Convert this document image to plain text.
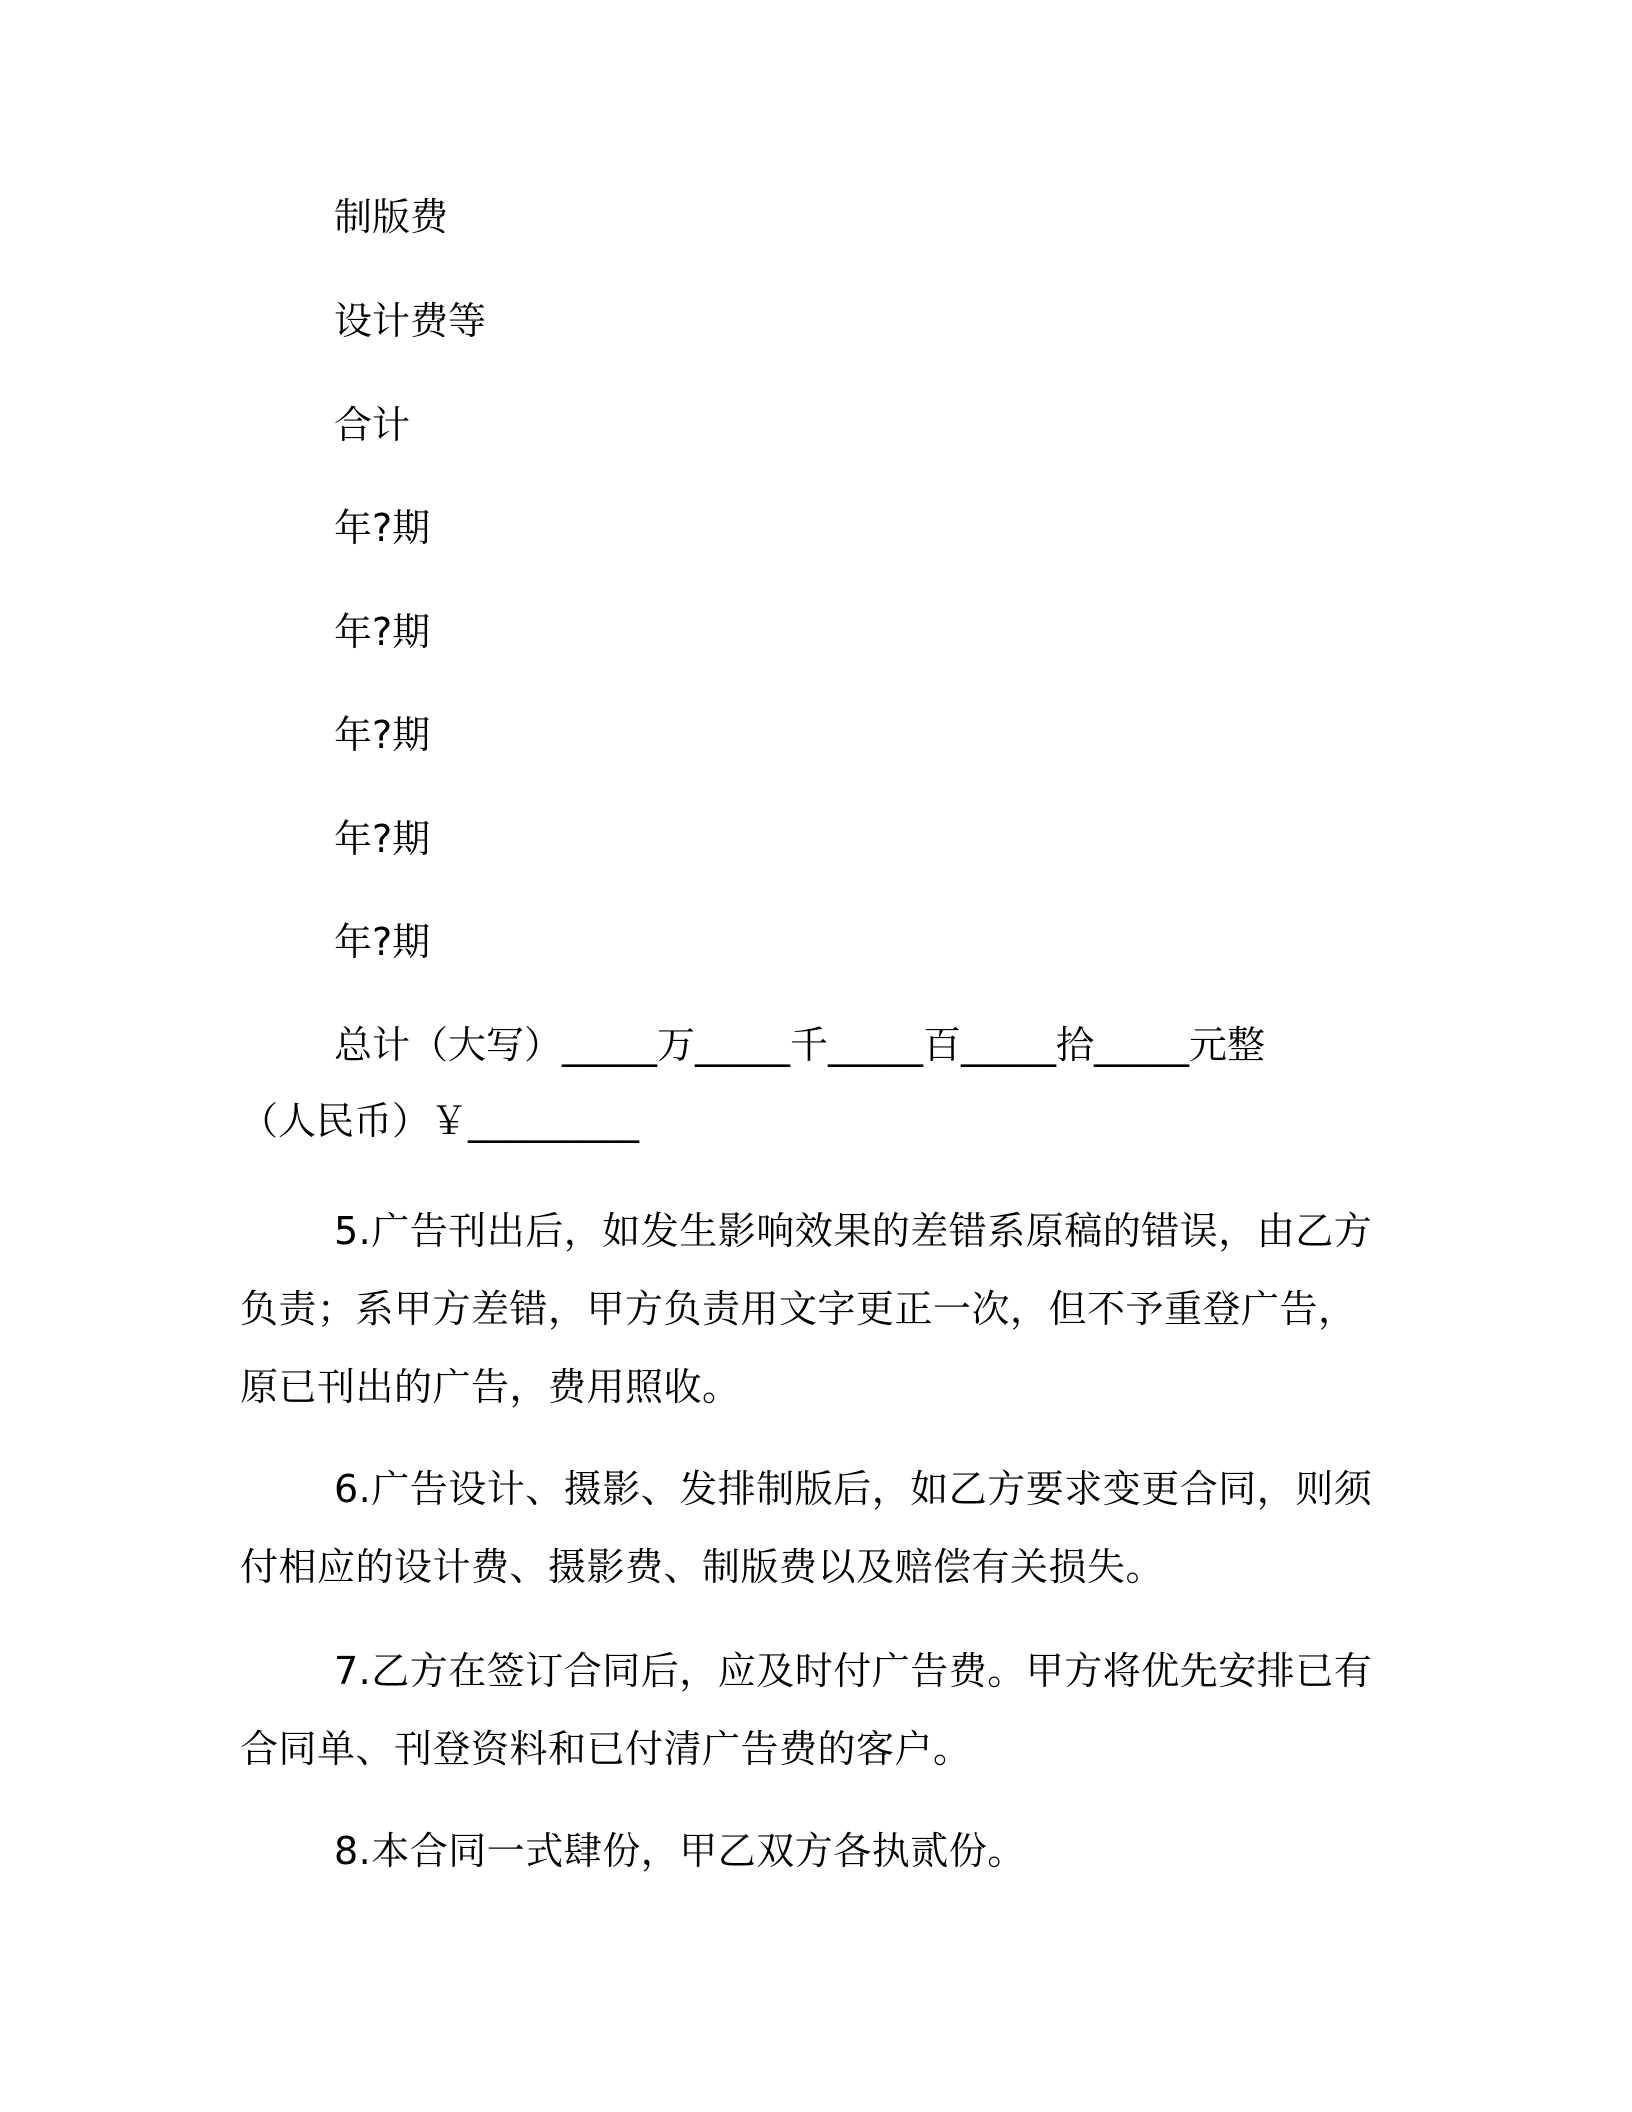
制版费
设计费等
合计
年?期
年?期
年?期
年?期
年?期
总计（大写）_____万_____千_____百_____拾_____元整
（人民币）￥_________
5.广告刊出后，如发生影响效果的差错系原稿的错误，由乙方负责；系甲方差错，甲方负责用文字更正一次，但不予重登广告，原已刊出的广告，费用照收。
6.广告设计、摄影、发排制版后，如乙方要求变更合同，则须付相应的设计费、摄影费、制版费以及赔偿有关损失。
7.乙方在签订合同后，应及时付广告费。甲方将优先安排已有合同单、刊登资料和已付清广告费的客户。
8.本合同一式肆份，甲乙双方各执贰份。
